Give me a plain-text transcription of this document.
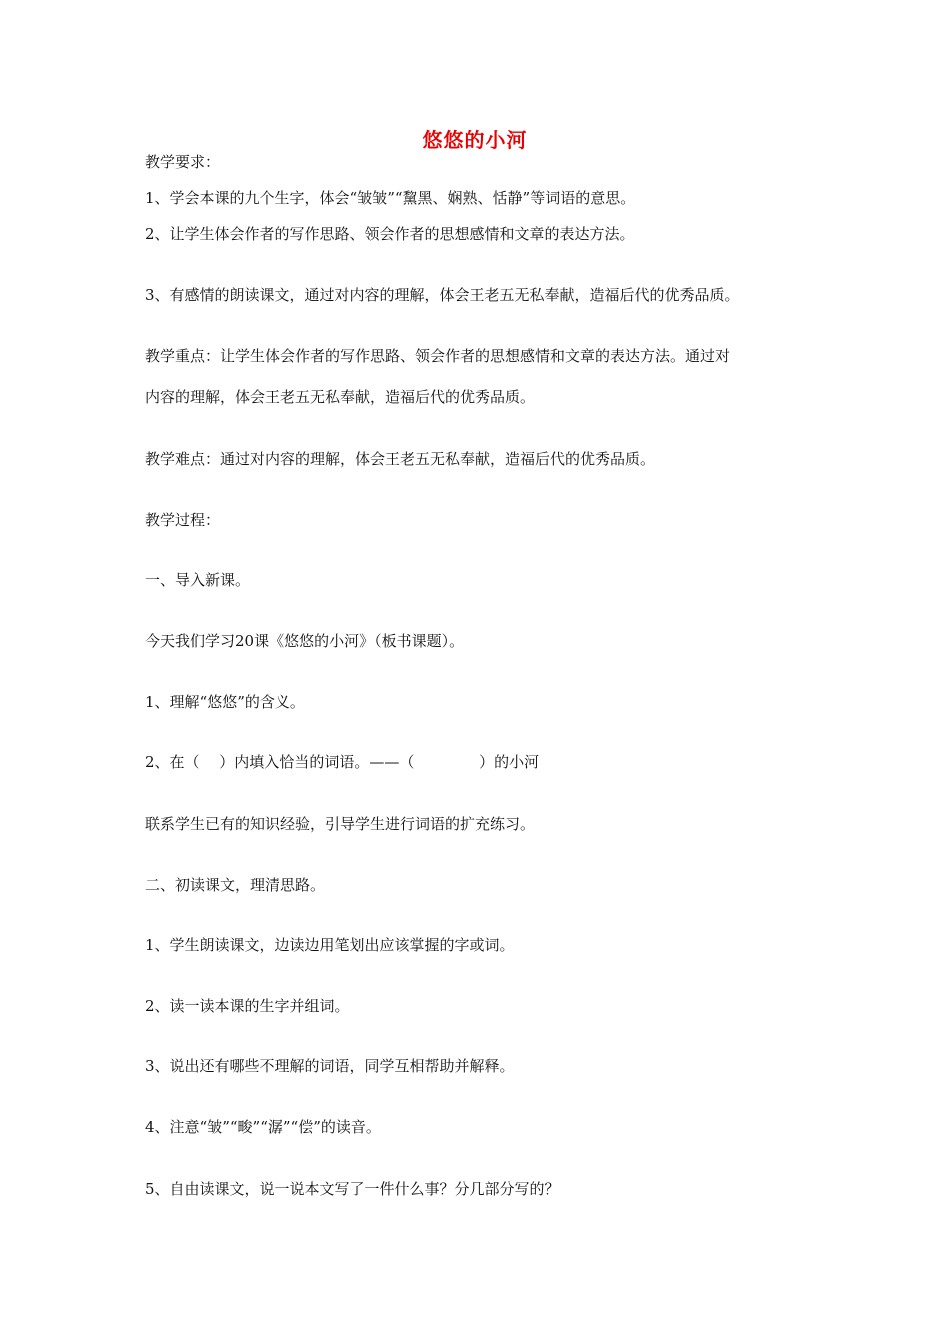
悠悠的小河
教学要求：
1、学会本课的九个生字，体会“皱皱”“黧黑、娴熟、恬静”等词语的意思。
2、让学生体会作者的写作思路、领会作者的思想感情和文章的表达方法。
3、有感情的朗读课文，通过对内容的理解，体会王老五无私奉献，造福后代的优秀品质。
教学重点：让学生体会作者的写作思路、领会作者的思想感情和文章的表达方法。通过对
内容的理解，体会王老五无私奉献，造福后代的优秀品质。
教学难点：通过对内容的理解，体会王老五无私奉献，造福后代的优秀品质。
教学过程：
一、导入新课。
今天我们学习20课《悠悠的小河》（板书课题）。
1、理解“悠悠”的含义。
2、在（　 ）内填入恰当的词语。——（　　　　 ）的小河
联系学生已有的知识经验，引导学生进行词语的扩充练习。
二、初读课文，理清思路。
1、学生朗读课文，边读边用笔划出应该掌握的字或词。
2、读一读本课的生字并组词。
3、说出还有哪些不理解的词语，同学互相帮助并解释。
4、注意“皱”“畯”“潺”“偿”的读音。
5、自由读课文，说一说本文写了一件什么事？分几部分写的？
